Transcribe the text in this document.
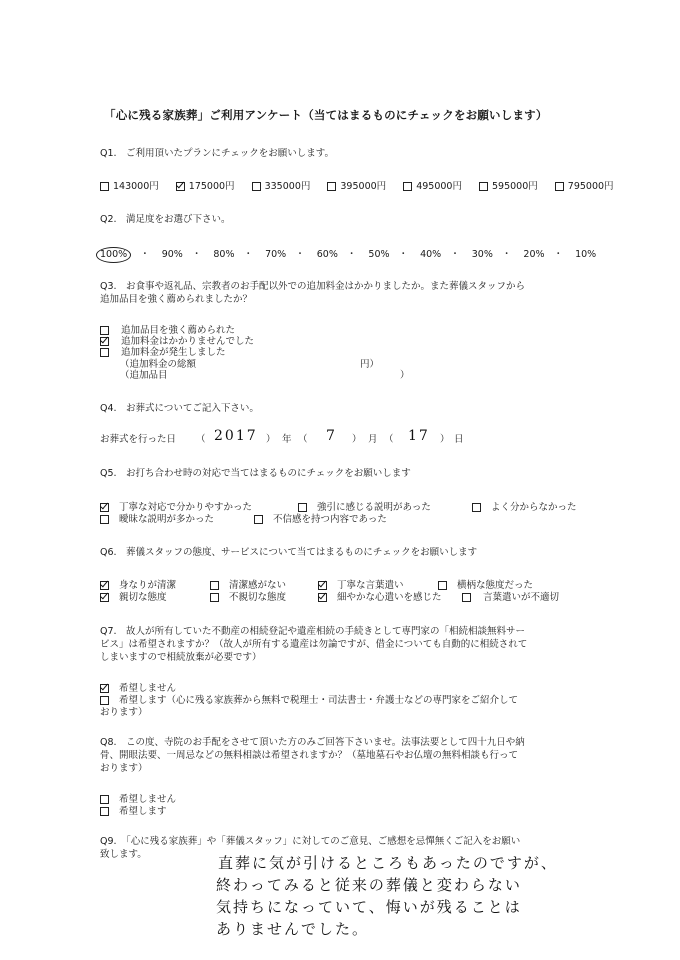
「心に残る家族葬」ご利用アンケート（当てはまるものにチェックをお願いします）
Q1.　ご利用頂いたプランにチェックをお願いします。
143000円
	175000円
	335000円
	395000円
	495000円
	595000円
	795000円
Q2.　満足度をお選び下さい。
100% ・ 90% ・ 80% ・ 70% ・ 60% ・ 50% ・ 40% ・ 30% ・ 20% ・ 10%
Q3.　お食事や返礼品、宗教者のお手配以外での追加料金はかかりましたか。また葬儀スタッフから
追加品目を強く薦められましたか？
追加品目を強く薦められた
追加料金はかかりませんでした
追加料金が発生しました
（追加料金の総額	円）
（追加品目	）
Q4.　お葬式についてご記入下さい。
お葬式を行った日 （ 2017 ） 年 （ 7 ） 月 （ 17 ） 日
Q5.　お打ち合わせ時の対応で当てはまるものにチェックをお願いします
丁寧な対応で分かりやすかった	強引に感じる説明があった	よく分からなかった
曖昧な説明が多かった	不信感を持つ内容であった
Q6.　葬儀スタッフの態度、サービスについて当てはまるものにチェックをお願いします
身なりが清潔	清潔感がない	丁寧な言葉遣い	横柄な態度だった
親切な態度	不親切な態度	細やかな心遣いを感じた	言葉遣いが不適切
Q7.　故人が所有していた不動産の相続登記や遺産相続の手続きとして専門家の「相続相談無料サー
ビス」は希望されますか？（故人が所有する遺産は勿論ですが、借金についても自動的に相続されて
しまいますので相続放棄が必要です）
希望しません
希望します（心に残る家族葬から無料で税理士・司法書士・弁護士などの専門家をご紹介して
おります）
Q8.　この度、寺院のお手配をさせて頂いた方のみご回答下さいませ。法事法要として四十九日や納
骨、開眼法要、一周忌などの無料相談は希望されますか？（墓地墓石やお仏壇の無料相談も行って
おります）
希望しません
希望します
Q9.　「心に残る家族葬」や「葬儀スタッフ」に対してのご意見、ご感想を忌憚無くご記入をお願い
致します。	直葬に気が引けるところもあったのですが、
終わってみると従来の葬儀と変わらない
気持ちになっていて、悔いが残ることは
ありませんでした。
